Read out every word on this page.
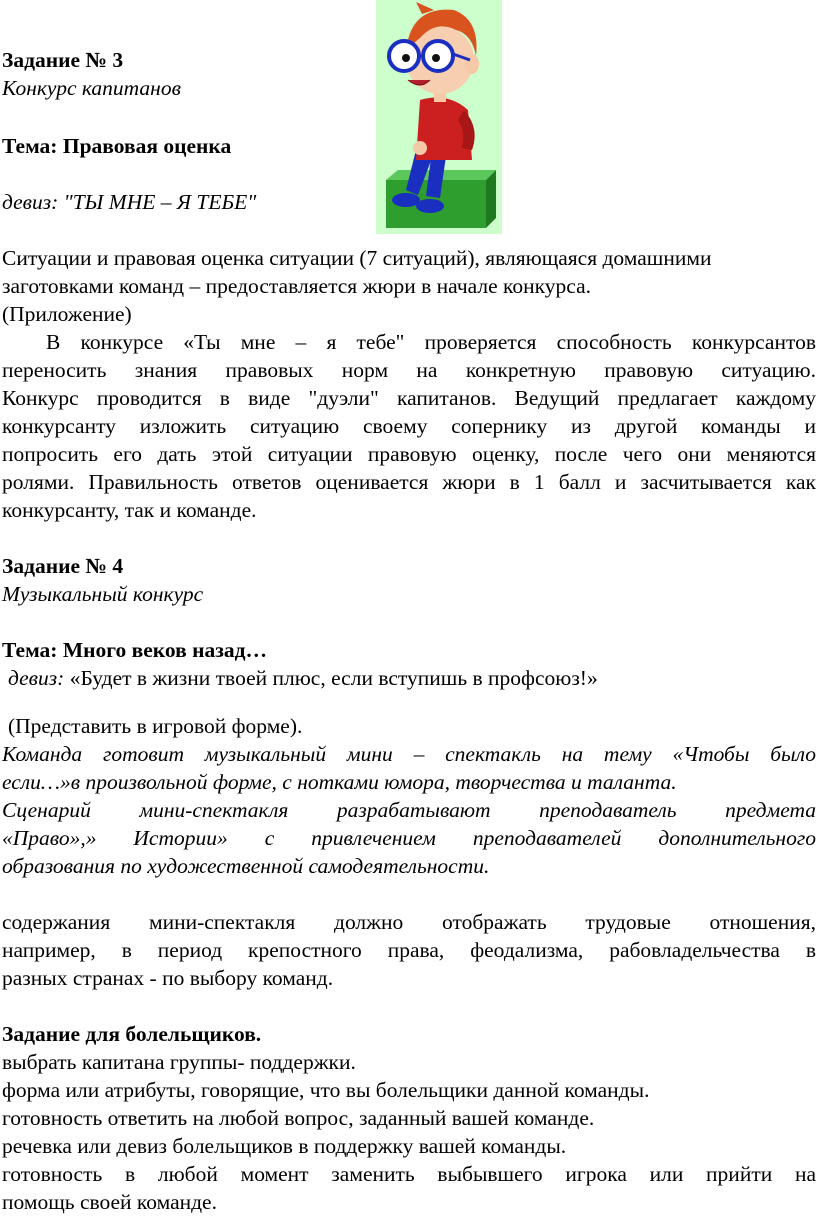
Задание № 3
Конкурс капитанов
Тема: Правовая оценка
девиз: "ТЫ МНЕ – Я ТЕБЕ"
Ситуации и правовая оценка ситуации (7 ситуаций), являющаяся домашними
заготовками команд – предоставляется жюри в начале конкурса.
(Приложение)
В конкурсе «Ты мне – я тебе" проверяется способность конкурсантов
переносить знания правовых норм на конкретную правовую ситуацию.
Конкурс проводится в виде "дуэли" капитанов. Ведущий предлагает каждому
конкурсанту изложить ситуацию своему сопернику из другой команды и
попросить его дать этой ситуации правовую оценку, после чего они меняются
ролями. Правильность ответов оценивается жюри в 1 балл и засчитывается как
конкурсанту, так и команде.
Задание № 4
Музыкальный конкурс
Тема: Много веков назад…
девиз: «Будет в жизни твоей плюс, если вступишь в профсоюз!»
(Представить в игровой форме).
Команда готовит музыкальный мини – спектакль на тему «Чтобы было
если…»в произвольной форме, с нотками юмора, творчества и таланта.
Сценарий мини-спектакля разрабатывают преподаватель предмета
«Право»,» Истории» с привлечением преподавателей дополнительного
образования по художественной самодеятельности.
содержания мини-спектакля должно отображать трудовые отношения,
например, в период крепостного права, феодализма, рабовладельчества в
разных странах - по выбору команд.
Задание для болельщиков.
выбрать капитана группы- поддержки.
форма или атрибуты, говорящие, что вы болельщики данной команды.
готовность ответить на любой вопрос, заданный вашей команде.
речевка или девиз болельщиков в поддержку вашей команды.
готовность в любой момент заменить выбывшего игрока или прийти на
помощь своей команде.
